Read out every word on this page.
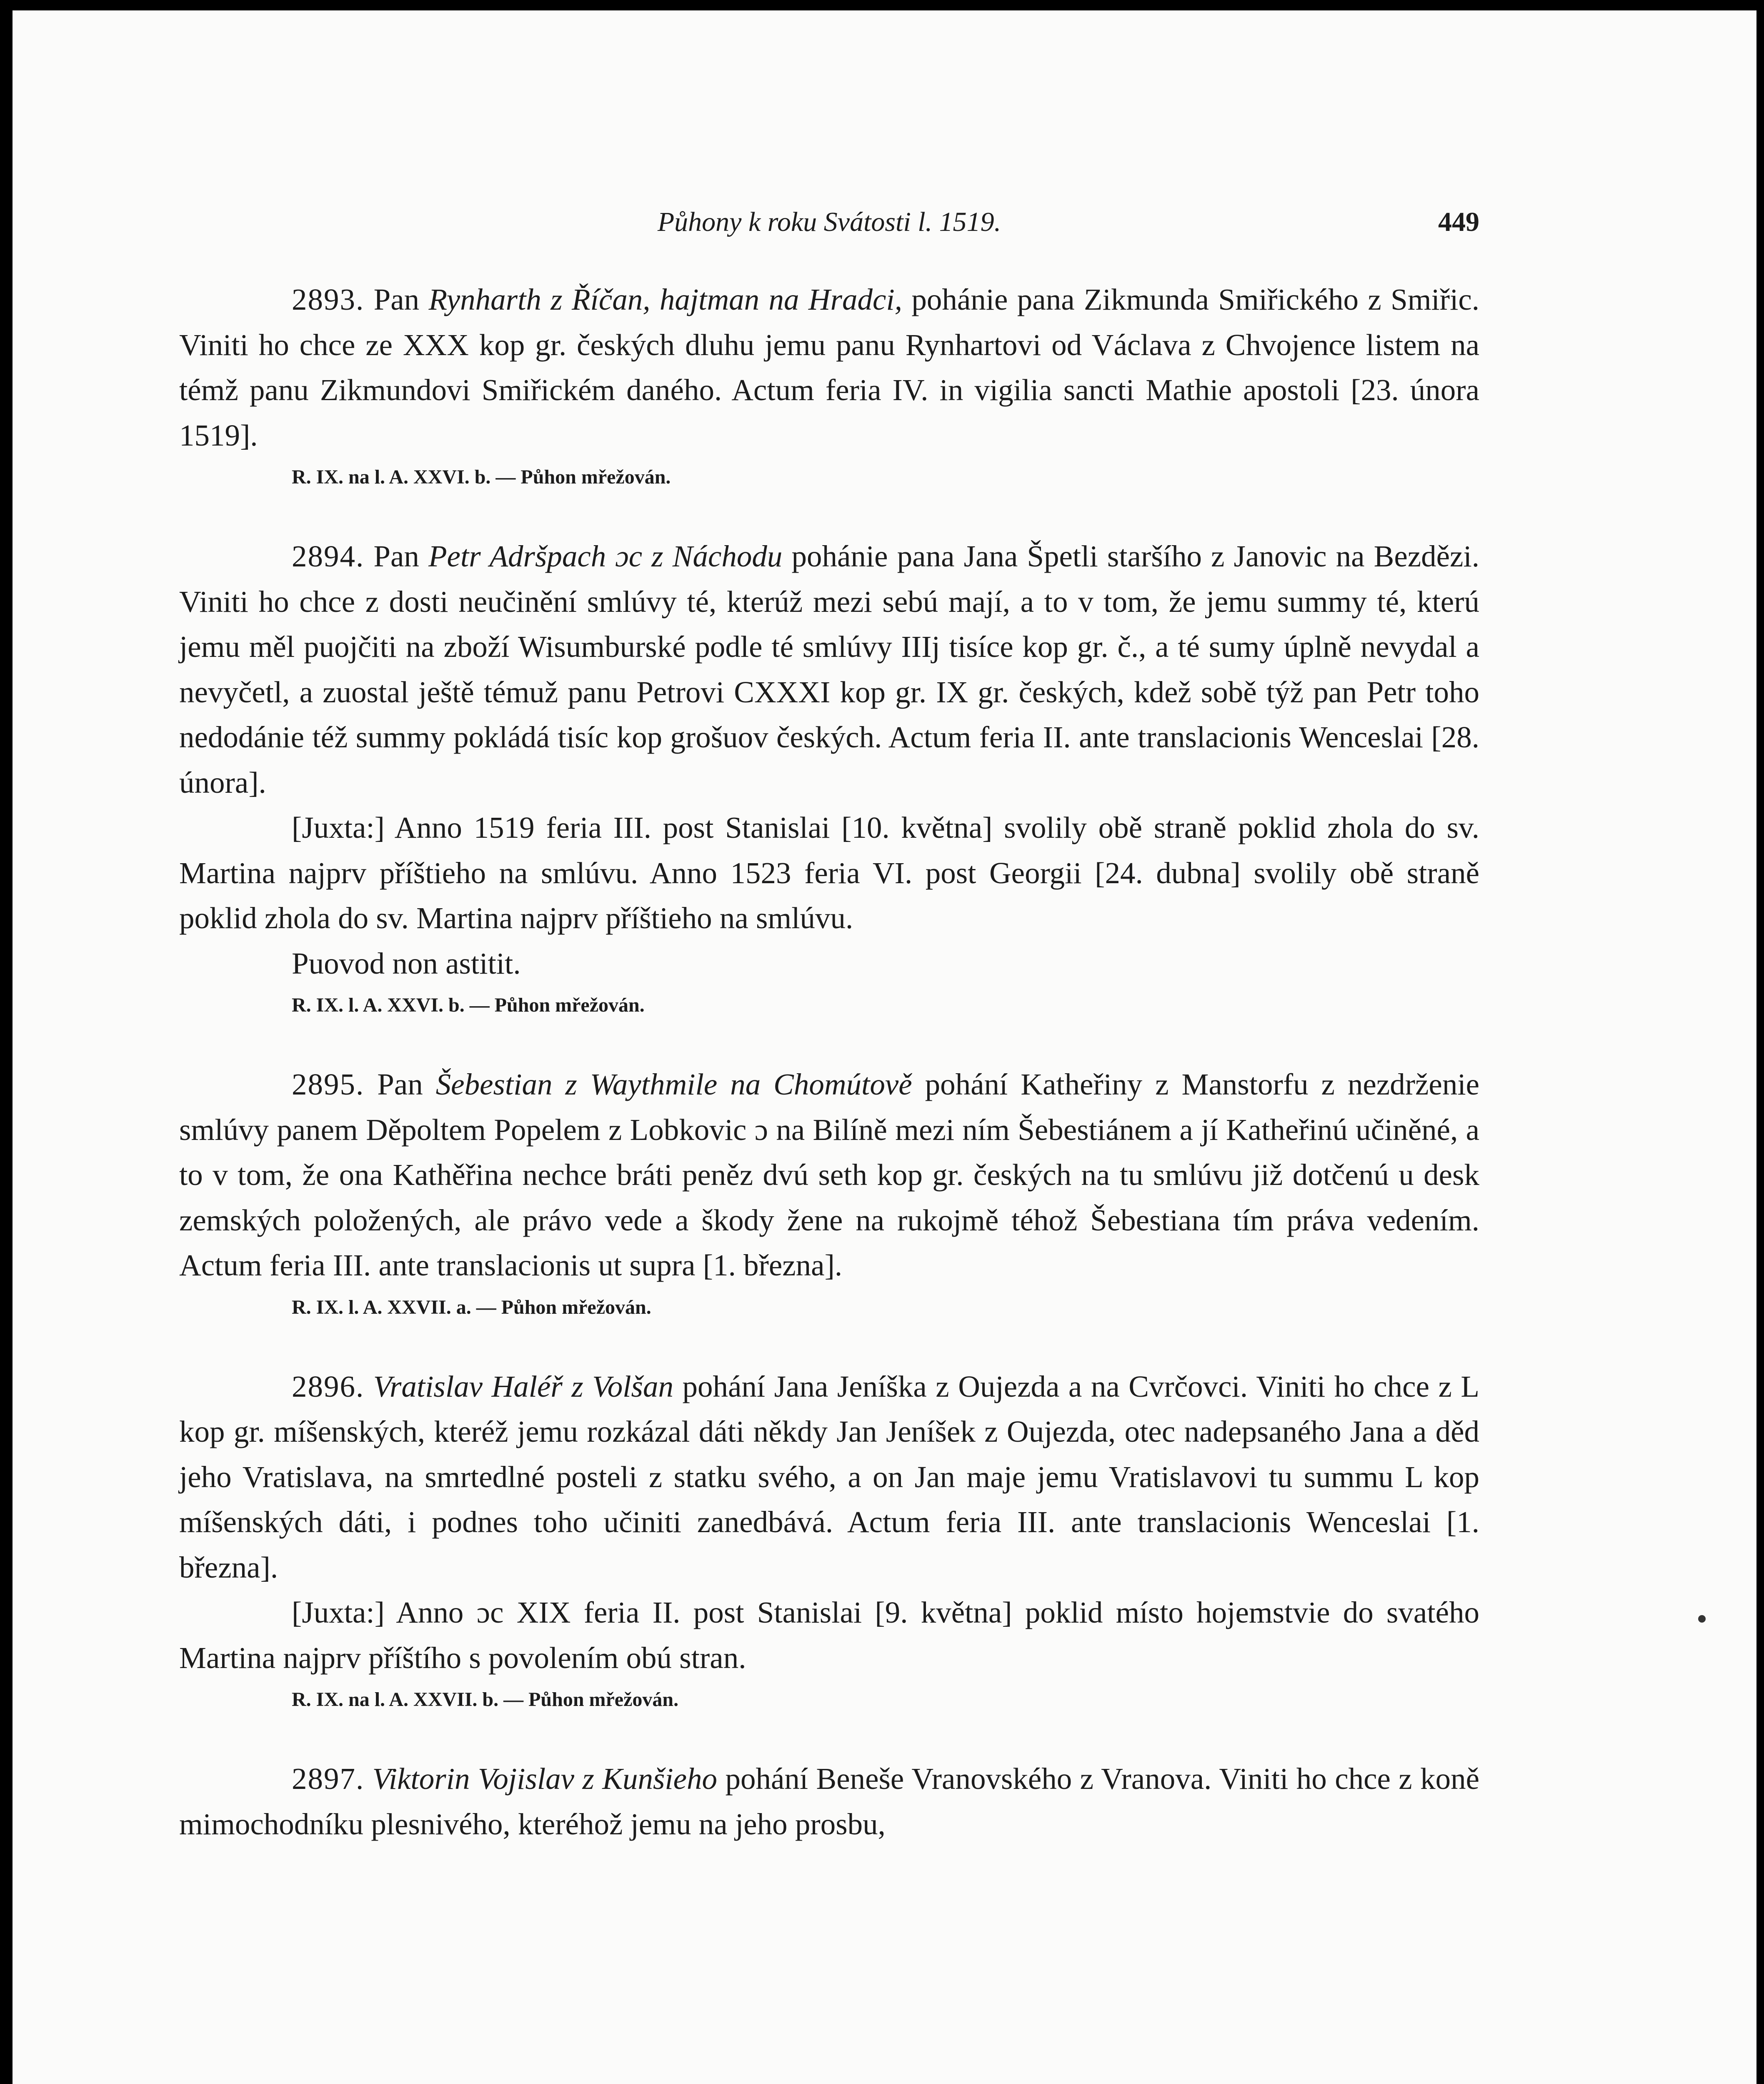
Půhony k roku Svátosti l. 1519.	449

2893. Pan Rynharth z Říčan, hajtman na Hradci, pohánie pana Zikmunda Smiřického z Smiřic. Viniti ho chce ze XXX kop gr. českých dluhu jemu panu Rynhartovi od Václava z Chvojence listem na témž panu Zikmundovi Smiřickém daného. Actum feria IV. in vigilia sancti Mathie apostoli [23. února 1519].

R. IX. na l. A. XXVI. b. — Půhon mřežován.

2894. Pan Petr Adršpach ɔc z Náchodu pohánie pana Jana Špetli staršího z Janovic na Bezdězi. Viniti ho chce z dosti neučinění smlúvy té, kterúž mezi sebú mají, a to v tom, že jemu summy té, kterú jemu měl puojčiti na zboží Wisumburské podle té smlúvy IIIj tisíce kop gr. č., a té sumy úplně nevydal a nevyčetl, a zuostal ještě témuž panu Petrovi CXXXI kop gr. IX gr. českých, kdež sobě týž pan Petr toho nedodánie též summy pokládá tisíc kop grošuov českých. Actum feria II. ante translacionis Wenceslai [28. února].

[Juxta:] Anno 1519 feria III. post Stanislai [10. května] svolily obě straně poklid zhola do sv. Martina najprv příštieho na smlúvu. Anno 1523 feria VI. post Georgii [24. dubna] svolily obě straně poklid zhola do sv. Martina najprv příštieho na smlúvu.

Puovod non astitit.

R. IX. l. A. XXVI. b. — Půhon mřežován.

2895. Pan Šebestian z Waythmile na Chomútově pohání Katheřiny z Manstorfu z nezdrženie smlúvy panem Děpoltem Popelem z Lobkovic ɔ na Bilíně mezi ním Šebestiánem a jí Katheřinú učiněné, a to v tom, že ona Kathěřina nechce bráti peněz dvú seth kop gr. českých na tu smlúvu již dotčenú u desk zemských položených, ale právo vede a škody žene na rukojmě téhož Šebestiana tím práva vedením. Actum feria III. ante translacionis ut supra [1. března].

R. IX. l. A. XXVII. a. — Půhon mřežován.

2896. Vratislav Haléř z Volšan pohání Jana Jeníška z Oujezda a na Cvrčovci. Viniti ho chce z L kop gr. míšenských, kteréž jemu rozkázal dáti někdy Jan Jeníšek z Oujezda, otec nadepsaného Jana a děd jeho Vratislava, na smrtedlné posteli z statku svého, a on Jan maje jemu Vratislavovi tu summu L kop míšenských dáti, i podnes toho učiniti zanedbává. Actum feria III. ante translacionis Wenceslai [1. března].

[Juxta:] Anno ɔc XIX feria II. post Stanislai [9. května] poklid místo hojemstvie do svatého Martina najprv příštího s povolením obú stran.

R. IX. na l. A. XXVII. b. — Půhon mřežován.

2897. Viktorin Vojislav z Kunšieho pohání Beneše Vranovského z Vranova. Viniti ho chce z koně mimochodníku plesnivého, kteréhož jemu na jeho prosbu,
